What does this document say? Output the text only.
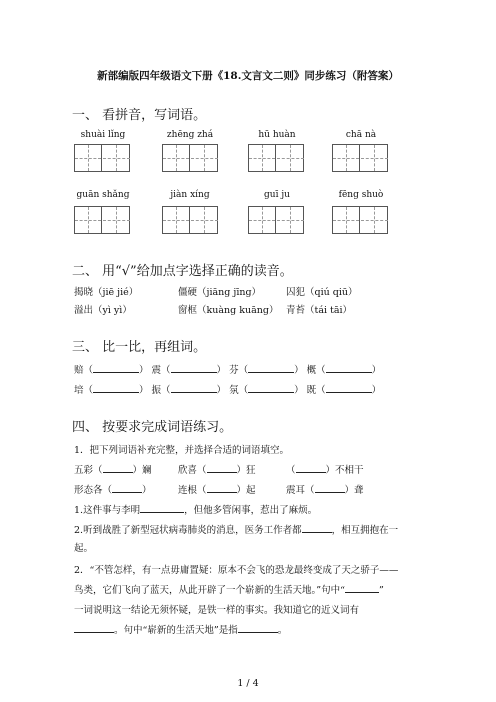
新部编版四年级语文下册《18.文言文二则》同步练习（附答案）
一、 看拼音，写词语。
shuài lǐng	zhēng zhá	hū huàn	chā nà
guān shǎng	jiàn xíng	guī ju	fēng shuò
二、 用“√”给加点字选择正确的读音。
揭晓（jiē jié）	僵硬（jiāng jīng）	囚犯（qiú qiū）
溢出（yì yì）	窗框（kuàng kuāng） 青苔（tái tāi）
三、 比一比，再组词。
赔（	） 震（	） 芬（	） 概（	）
培（	） 振（	） 氛（	） 既（	）
四、 按要求完成词语练习。
1．把下列词语补充完整，并选择合适的词语填空。
五彩（	）斓	欣喜（	）狂	（	）不相干
形态各（	）	连根（	）起	震耳（	）聋
1.这件事与李明	，但他多管闲事，惹出了麻烦。
2.听到战胜了新型冠状病毒肺炎的消息，医务工作者都	，相互拥抱在一
起。
2．“不管怎样，有一点毋庸置疑：原本不会飞的恐龙最终变成了天之骄子——
鸟类，它们飞向了蓝天，从此开辟了一个崭新的生活天地。”句中“	”
一词说明这一结论无须怀疑，是铁一样的事实。我知道它的近义词有
。句中“崭新的生活天地”是指	。
1 / 4
